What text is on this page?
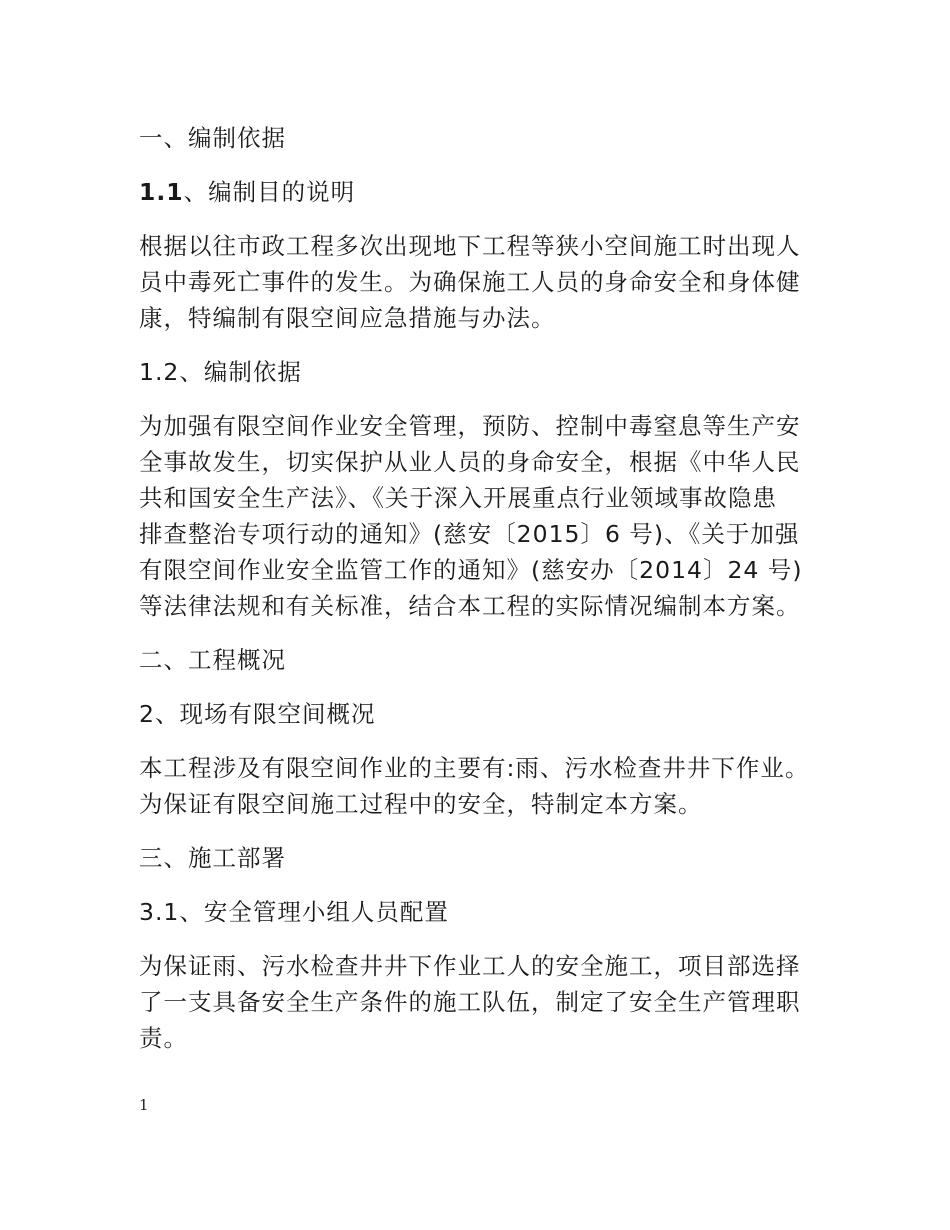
一、编制依据

1.1、编制目的说明

根据以往市政工程多次出现地下工程等狭小空间施工时出现人

员中毒死亡事件的发生。为确保施工人员的身命安全和身体健

康，特编制有限空间应急措施与办法。

1.2、编制依据

为加强有限空间作业安全管理，预防、控制中毒窒息等生产安

全事故发生，切实保护从业人员的身命安全，根据《中华人民

共和国安全生产法》、《关于深入开展重点行业领域事故隐患

排查整治专项行动的通知》(慈安〔2015〕6 号)、《关于加强

有限空间作业安全监管工作的通知》(慈安办〔2014〕24 号)

等法律法规和有关标准，结合本工程的实际情况编制本方案。

二、工程概况

2、现场有限空间概况

本工程涉及有限空间作业的主要有:雨、污水检查井井下作业。

为保证有限空间施工过程中的安全，特制定本方案。

三、施工部署

3.1、安全管理小组人员配置

为保证雨、污水检查井井下作业工人的安全施工，项目部选择

了一支具备安全生产条件的施工队伍，制定了安全生产管理职

责。

1
